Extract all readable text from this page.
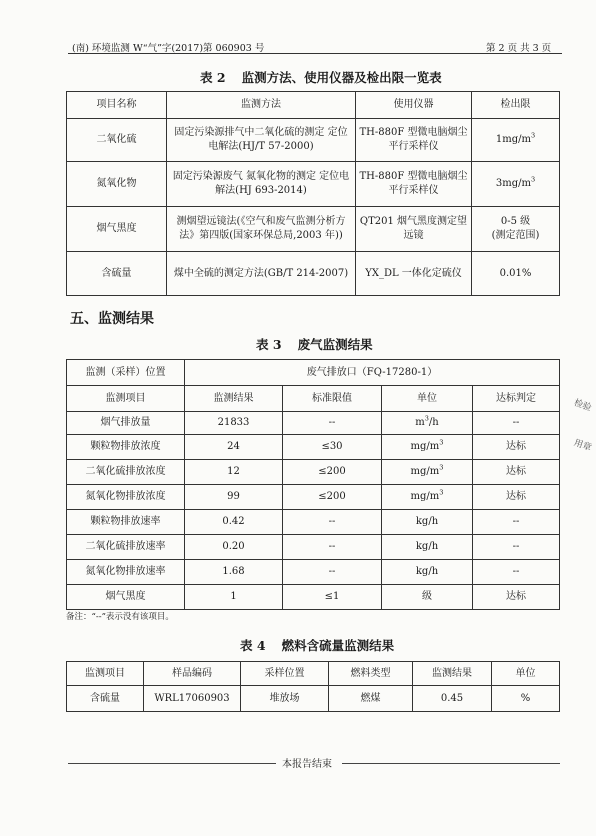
(南) 环境监测 W“气”字(2017)第 060903 号	第 2 页 共 3 页
表 2 监测方法、使用仪器及检出限一览表
项目名称	监测方法	使用仪器	检出限
二氧化硫	固定污染源排气中二氧化硫的测定 定位电解法(HJ/T 57-2000)	TH-880F 型微电脑烟尘平行采样仪	$1mg/m^3$
氮氧化物	固定污染源废气 氮氧化物的测定 定位电解法(HJ 693-2014)	TH-880F 型微电脑烟尘平行采样仪	$3mg/m^3$
烟气黑度	测烟望远镜法(《空气和废气监测分析方法》第四版(国家环保总局,2003 年))	QT201 烟气黑度测定望远镜	0-5 级
(测定范围)

含硫量	煤中全硫的测定方法(GB/T 214-2007)	YX_DL 一体化定硫仪	0.01%
五、监测结果
表 3 废气监测结果
监测（采样）位置	废气排放口（FQ-17280-1）			
监测项目	监测结果	标准限值	单位	达标判定
烟气排放量	21833	--	$m^3/h$	--
颗粒物排放浓度	24	≤30	$mg/m^3$	达标
二氧化硫排放浓度	12	≤200	$mg/m^3$	达标
氮氧化物排放浓度	99	≤200	$mg/m^3$	达标
颗粒物排放速率	0.42	--	kg/h	--
二氧化硫排放速率	0.20	--	kg/h	--
氮氧化物排放速率	1.68	--	kg/h	--
烟气黑度	1	≤1	级	达标
备注：“--”表示没有该项目。
检验
用章
表 4 燃料含硫量监测结果
监测项目	样品编码	采样位置	燃料类型	监测结果	单位
含硫量	WRL17060903	堆放场	燃煤	0.45	%
本报告结束
